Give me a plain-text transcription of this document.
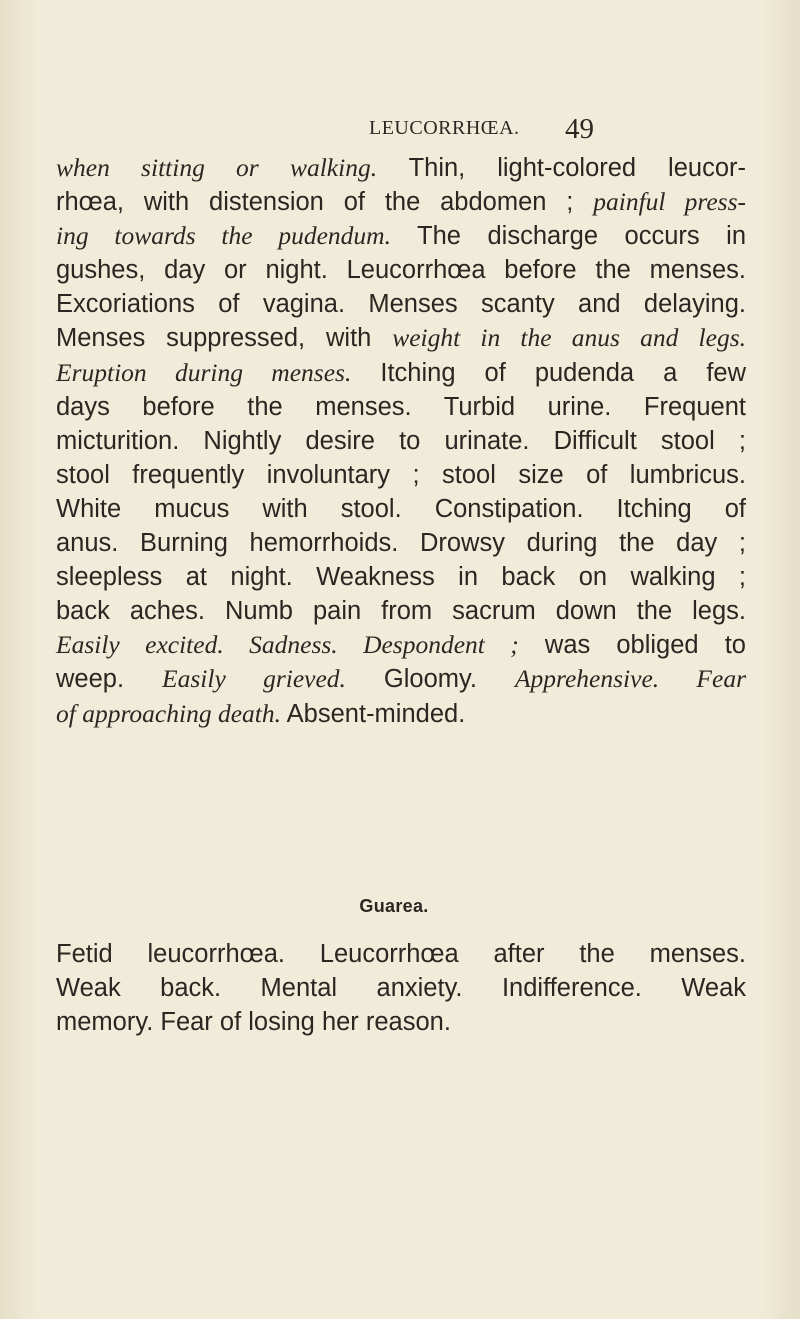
LEUCORRHŒA. 49
when sitting or walking. Thin, light-colored leucor-
rhœa, with distension of the abdomen ; painful press-
ing towards the pudendum. The discharge occurs in
gushes, day or night. Leucorrhœa before the menses.
Excoriations of vagina. Menses scanty and delaying.
Menses suppressed, with weight in the anus and legs.
Eruption during menses. Itching of pudenda a few
days before the menses. Turbid urine. Frequent
micturition. Nightly desire to urinate. Difficult stool ;
stool frequently involuntary ; stool size of lumbricus.
White mucus with stool. Constipation. Itching of
anus. Burning hemorrhoids. Drowsy during the day ;
sleepless at night. Weakness in back on walking ;
back aches. Numb pain from sacrum down the legs.
Easily excited. Sadness. Despondent ; was obliged to
weep. Easily grieved. Gloomy. Apprehensive. Fear
of approaching death. Absent-minded.
Guarea.
Fetid leucorrhœa. Leucorrhœa after the menses.
Weak back. Mental anxiety. Indifference. Weak
memory. Fear of losing her reason.
